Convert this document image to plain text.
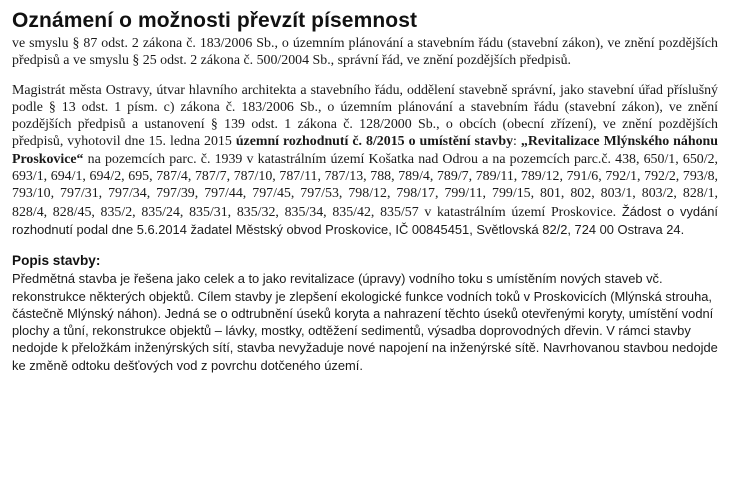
Oznámení o možnosti převzít písemnost

ve smyslu § 87 odst. 2 zákona č. 183/2006 Sb., o územním plánování a stavebním řádu (stavební zákon), ve znění pozdějších předpisů a ve smyslu § 25 odst. 2 zákona č. 500/2004 Sb., správní řád, ve znění pozdějších předpisů.

Magistrát města Ostravy, útvar hlavního architekta a stavebního řádu, oddělení stavebně správní, jako stavební úřad příslušný podle § 13 odst. 1 písm. c) zákona č. 183/2006 Sb., o územním plánování a stavebním řádu (stavební zákon), ve znění pozdějších předpisů a ustanovení § 139 odst. 1 zákona č. 128/2000 Sb., o obcích (obecní zřízení), ve znění pozdějších předpisů, vyhotovil dne 15. ledna 2015 územní rozhodnutí č. 8/2015 o umístění stavby: „Revitalizace Mlýnského náhonu Proskovice“ na pozemcích parc. č. 1939 v katastrálním území Košatka nad Odrou a na pozemcích parc.č. 438, 650/1, 650/2, 693/1, 694/1, 694/2, 695, 787/4, 787/7, 787/10, 787/11, 787/13, 788, 789/4, 789/7, 789/11, 789/12, 791/6, 792/1, 792/2, 793/8, 793/10, 797/31, 797/34, 797/39, 797/44, 797/45, 797/53, 798/12, 798/17, 799/11, 799/15, 801, 802, 803/1, 803/2, 828/1, 828/4, 828/45, 835/2, 835/24, 835/31, 835/32, 835/34, 835/42, 835/57 v katastrálním území Proskovice. Žádost o vydání rozhodnutí podal dne 5.6.2014 žadatel Městský obvod Proskovice, IČ 00845451, Světlovská 82/2, 724 00 Ostrava 24.

Popis stavby:

Předmětná stavba je řešena jako celek a to jako revitalizace (úpravy) vodního toku s umístěním nových staveb vč. rekonstrukce některých objektů. Cílem stavby je zlepšení ekologické funkce vodních toků v Proskovicích (Mlýnská strouha, částečně Mlýnský náhon). Jedná se o odtrubnění úseků koryta a nahrazení těchto úseků otevřenými koryty, umístění vodní plochy a tůní, rekonstrukce objektů – lávky, mostky, odtěžení sedimentů, výsadba doprovodných dřevin. V rámci stavby nedojde k přeložkám inženýrských sítí, stavba nevyžaduje nové napojení na inženýrské sítě. Navrhovanou stavbou nedojde ke změně odtoku dešťových vod z povrchu dotčeného území.
